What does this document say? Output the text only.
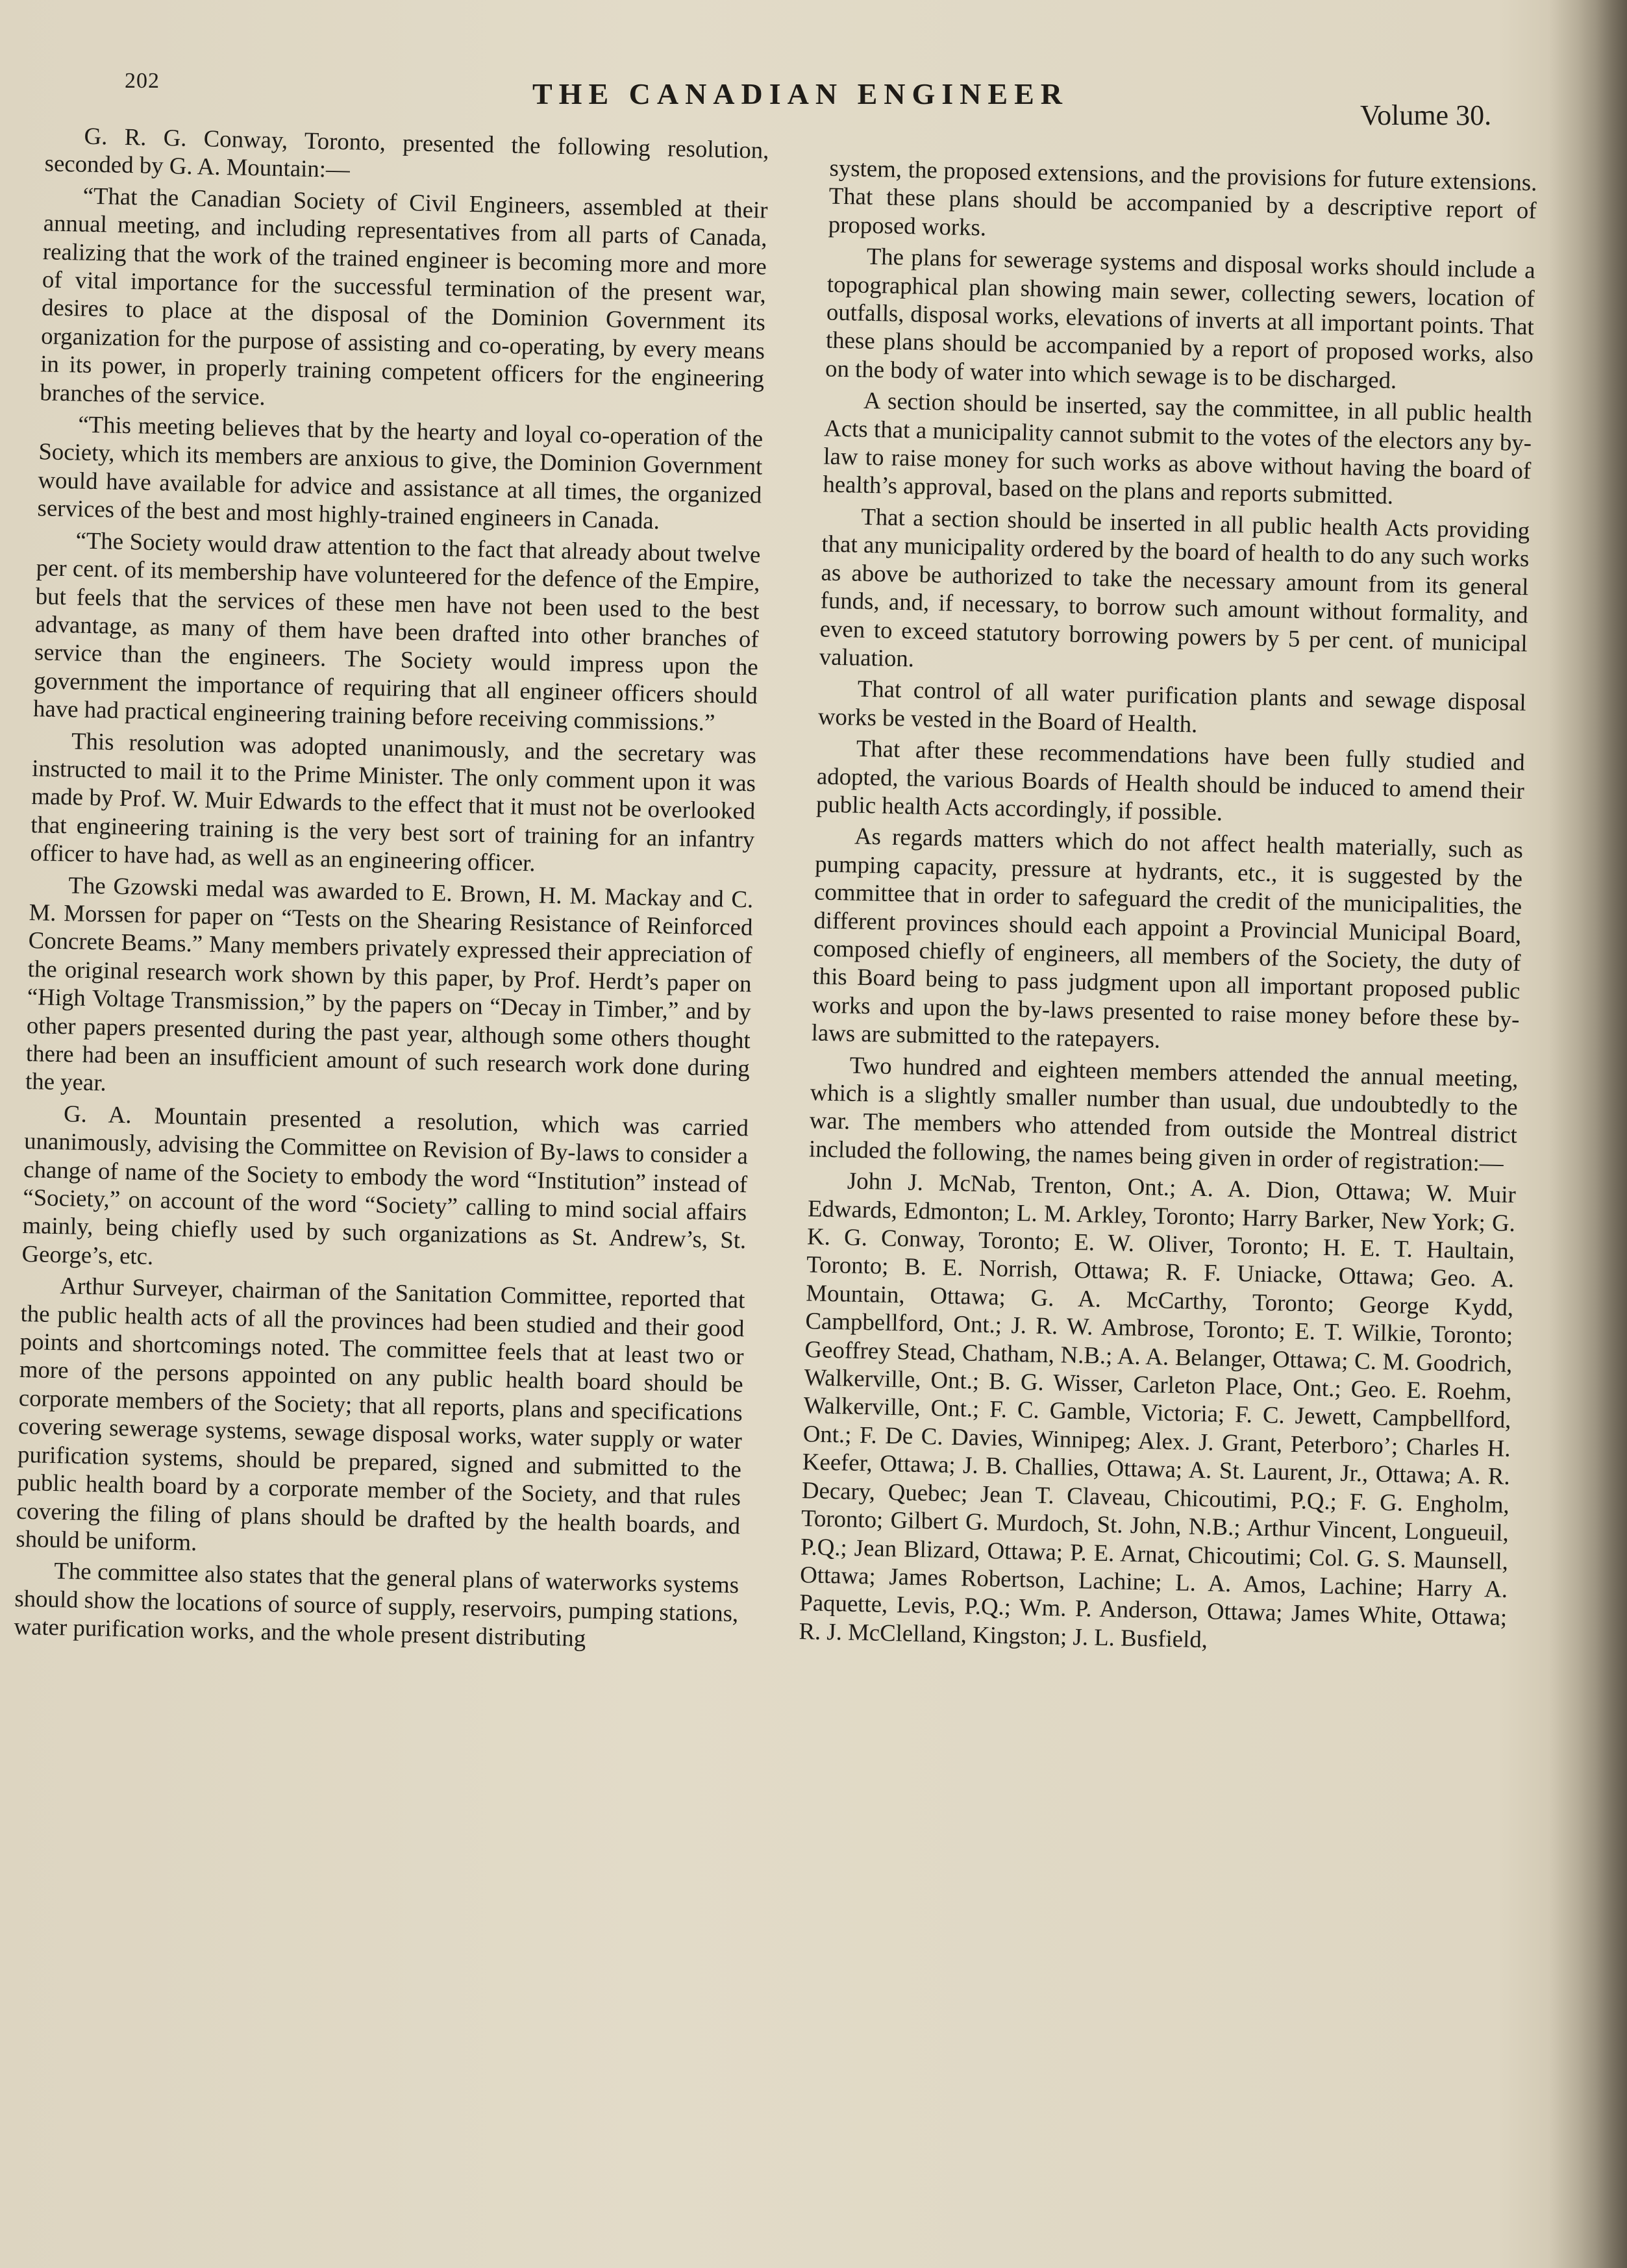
202	THE CANADIAN ENGINEER
Volume 30.

G. R. G. Conway, Toronto, presented the following resolution, seconded by G. A. Mountain:—

“That the Canadian Society of Civil Engineers, assembled at their annual meeting, and including representatives from all parts of Canada, realizing that the work of the trained engineer is becoming more and more of vital importance for the successful termination of the present war, desires to place at the disposal of the Dominion Government its organization for the purpose of assisting and co-operating, by every means in its power, in properly training competent officers for the engineering branches of the service.

“This meeting believes that by the hearty and loyal co-operation of the Society, which its members are anxious to give, the Dominion Government would have available for advice and assistance at all times, the organized services of the best and most highly-trained engineers in Canada.

“The Society would draw attention to the fact that already about twelve per cent. of its membership have volunteered for the defence of the Empire, but feels that the services of these men have not been used to the best advantage, as many of them have been drafted into other branches of service than the engineers. The Society would impress upon the government the importance of requiring that all engineer officers should have had practical engineering training before receiving commissions.”

This resolution was adopted unanimously, and the secretary was instructed to mail it to the Prime Minister. The only comment upon it was made by Prof. W. Muir Edwards to the effect that it must not be overlooked that engineering training is the very best sort of training for an infantry officer to have had, as well as an engineering officer.

The Gzowski medal was awarded to E. Brown, H. M. Mackay and C. M. Morssen for paper on “Tests on the Shearing Resistance of Reinforced Concrete Beams.” Many members privately expressed their appreciation of the original research work shown by this paper, by Prof. Herdt’s paper on “High Voltage Transmission,” by the papers on “Decay in Timber,” and by other papers presented during the past year, although some others thought there had been an insufficient amount of such research work done during the year.

G. A. Mountain presented a resolution, which was carried unanimously, advising the Committee on Revision of By-laws to consider a change of name of the Society to embody the word “Institution” instead of “Society,” on account of the word “Society” calling to mind social affairs mainly, being chiefly used by such organizations as St. Andrew’s, St. George’s, etc.

Arthur Surveyer, chairman of the Sanitation Committee, reported that the public health acts of all the provinces had been studied and their good points and shortcomings noted. The committee feels that at least two or more of the persons appointed on any public health board should be corporate members of the Society; that all reports, plans and specifications covering sewerage systems, sewage disposal works, water supply or water purification systems, should be prepared, signed and submitted to the public health board by a corporate member of the Society, and that rules covering the filing of plans should be drafted by the health boards, and should be uniform.

The committee also states that the general plans of waterworks systems should show the locations of source of supply, reservoirs, pumping stations, water purification works, and the whole present distributing

system, the proposed extensions, and the provisions for future extensions. That these plans should be accompanied by a descriptive report of proposed works.

The plans for sewerage systems and disposal works should include a topographical plan showing main sewer, collecting sewers, location of outfalls, disposal works, elevations of inverts at all important points. That these plans should be accompanied by a report of proposed works, also on the body of water into which sewage is to be discharged.

A section should be inserted, say the committee, in all public health Acts that a municipality cannot submit to the votes of the electors any by-law to raise money for such works as above without having the board of health’s approval, based on the plans and reports submitted.

That a section should be inserted in all public health Acts providing that any municipality ordered by the board of health to do any such works as above be authorized to take the necessary amount from its general funds, and, if necessary, to borrow such amount without formality, and even to exceed statutory borrowing powers by 5 per cent. of municipal valuation.

That control of all water purification plants and sewage disposal works be vested in the Board of Health.

That after these recommendations have been fully studied and adopted, the various Boards of Health should be induced to amend their public health Acts accordingly, if possible.

As regards matters which do not affect health materially, such as pumping capacity, pressure at hydrants, etc., it is suggested by the committee that in order to safeguard the credit of the municipalities, the different provinces should each appoint a Provincial Municipal Board, composed chiefly of engineers, all members of the Society, the duty of this Board being to pass judgment upon all important proposed public works and upon the by-laws presented to raise money before these by-laws are submitted to the ratepayers.

Two hundred and eighteen members attended the annual meeting, which is a slightly smaller number than usual, due undoubtedly to the war. The members who attended from outside the Montreal district included the following, the names being given in order of registration:—

John J. McNab, Trenton, Ont.; A. A. Dion, Ottawa; W. Muir Edwards, Edmonton; L. M. Arkley, Toronto; Harry Barker, New York; G. K. G. Conway, Toronto; E. W. Oliver, Toronto; H. E. T. Haultain, Toronto; B. E. Norrish, Ottawa; R. F. Uniacke, Ottawa; Geo. A. Mountain, Ottawa; G. A. McCarthy, Toronto; George Kydd, Campbellford, Ont.; J. R. W. Ambrose, Toronto; E. T. Wilkie, Toronto; Geoffrey Stead, Chatham, N.B.; A. A. Belanger, Ottawa; C. M. Goodrich, Walkerville, Ont.; B. G. Wisser, Carleton Place, Ont.; Geo. E. Roehm, Walkerville, Ont.; F. C. Gamble, Victoria; F. C. Jewett, Campbellford, Ont.; F. De C. Davies, Winnipeg; Alex. J. Grant, Peterboro’; Charles H. Keefer, Ottawa; J. B. Challies, Ottawa; A. St. Laurent, Jr., Ottawa; A. R. Decary, Quebec; Jean T. Claveau, Chicoutimi, P.Q.; F. G. Engholm, Toronto; Gilbert G. Murdoch, St. John, N.B.; Arthur Vincent, Longueuil, P.Q.; Jean Blizard, Ottawa; P. E. Arnat, Chicoutimi; Col. G. S. Maunsell, Ottawa; James Robertson, Lachine; L. A. Amos, Lachine; Harry A. Paquette, Levis, P.Q.; Wm. P. Anderson, Ottawa; James White, Ottawa; R. J. McClelland, Kingston; J. L. Busfield,
